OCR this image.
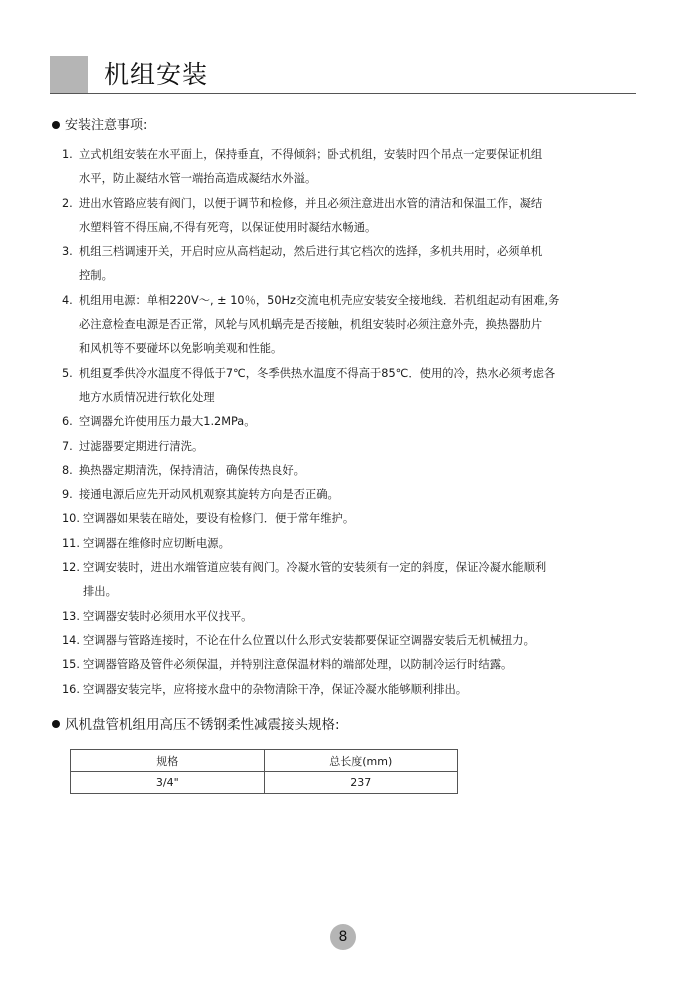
机组安装
安装注意事项:
1. 立式机组安装在水平面上，保持垂直，不得倾斜；卧式机组，安装时四个吊点一定要保证机组

水平，防止凝结水管一端抬高造成凝结水外溢。

2. 进出水管路应装有阀门，以便于调节和检修，并且必须注意进出水管的清洁和保温工作，凝结

水塑料管不得压扁,不得有死弯，以保证使用时凝结水畅通。

3. 机组三档调速开关，开启时应从高档起动，然后进行其它档次的选择，多机共用时，必须单机

控制。

4. 机组用电源：单相220V～, ± 10％，50Hz交流电机壳应安装安全接地线．若机组起动有困难,务

必注意检查电源是否正常，风轮与风机蜗壳是否接触，机组安装时必须注意外壳，换热器肋片

和风机等不要碰坏以免影响美观和性能。

5. 机组夏季供冷水温度不得低于7℃，冬季供热水温度不得高于85℃．使用的冷，热水必须考虑各

地方水质情况进行软化处理

6. 空调器允许使用压力最大1.2MPa。

7. 过滤器要定期进行清洗。

8. 换热器定期清洗，保持清洁，确保传热良好。

9. 接通电源后应先开动风机观察其旋转方向是否正确。

10. 空调器如果装在暗处，要设有检修门．便于常年维护。

11. 空调器在维修时应切断电源。

12. 空调安装时，进出水端管道应装有阀门。冷凝水管的安装须有一定的斜度，保证冷凝水能顺利

排出。

13. 空调器安装时必须用水平仪找平。

14. 空调器与管路连接时，不论在什么位置以什么形式安装都要保证空调器安装后无机械扭力。

15. 空调器管路及管件必须保温，并特别注意保温材料的端部处理，以防制冷运行时结露。

16. 空调器安装完毕，应将接水盘中的杂物清除干净，保证冷凝水能够顺利排出。

风机盘管机组用高压不锈钢柔性减震接头规格:
规格	总长度(mm)
3/4"	237
8
